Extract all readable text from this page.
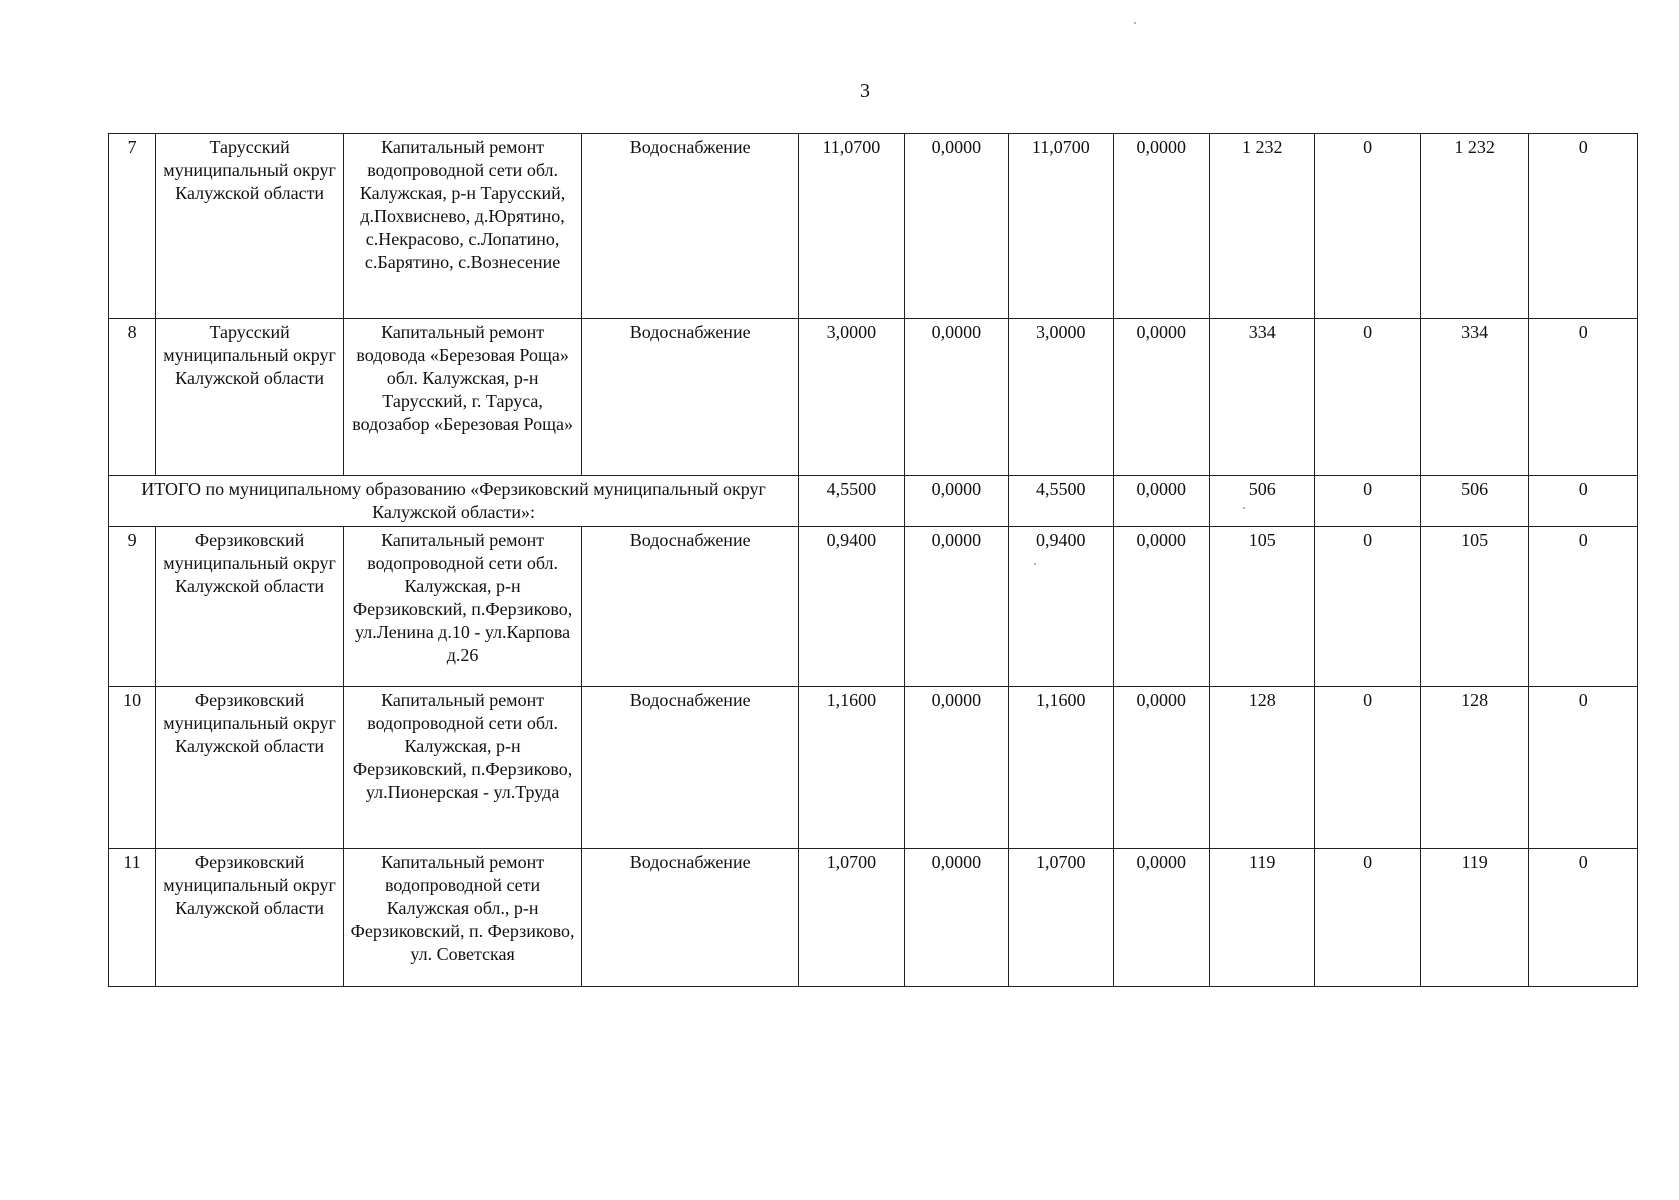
3
7	Тарусский муниципальный округ Калужской области	Капитальный ремонт водопроводной сети обл. Калужская, р-н Тарусский, д.Похвиснево, д.Юрятино, с.Некрасово, с.Лопатино, с.Барятино, с.Вознесение	Водоснабжение	11,0700	0,0000	11,0700	0,0000	1 232	0	1 232	0
8	Тарусский муниципальный округ Калужской области	Капитальный ремонт водовода «Березовая Роща» обл. Калужская, р-н Тарусский, г. Таруса, водозабор «Березовая Роща»	Водоснабжение	3,0000	0,0000	3,0000	0,0000	334	0	334	0
ИТОГО по муниципальному образованию «Ферзиковский муниципальный округ Калужской области»:				4,5500	0,0000	4,5500	0,0000	506	0	506	0
9	Ферзиковский муниципальный округ Калужской области	Капитальный ремонт водопроводной сети обл. Калужская, р-н Ферзиковский, п.Ферзиково, ул.Ленина д.10 - ул.Карпова д.26	Водоснабжение	0,9400	0,0000	0,9400	0,0000	105	0	105	0
10	Ферзиковский муниципальный округ Калужской области	Капитальный ремонт водопроводной сети обл. Калужская, р-н Ферзиковский, п.Ферзиково, ул.Пионерская - ул.Труда	Водоснабжение	1,1600	0,0000	1,1600	0,0000	128	0	128	0
11	Ферзиковский муниципальный округ Калужской области	Капитальный ремонт водопроводной сети Калужская обл., р-н Ферзиковский, п. Ферзиково, ул. Советская	Водоснабжение	1,0700	0,0000	1,0700	0,0000	119	0	119	0
